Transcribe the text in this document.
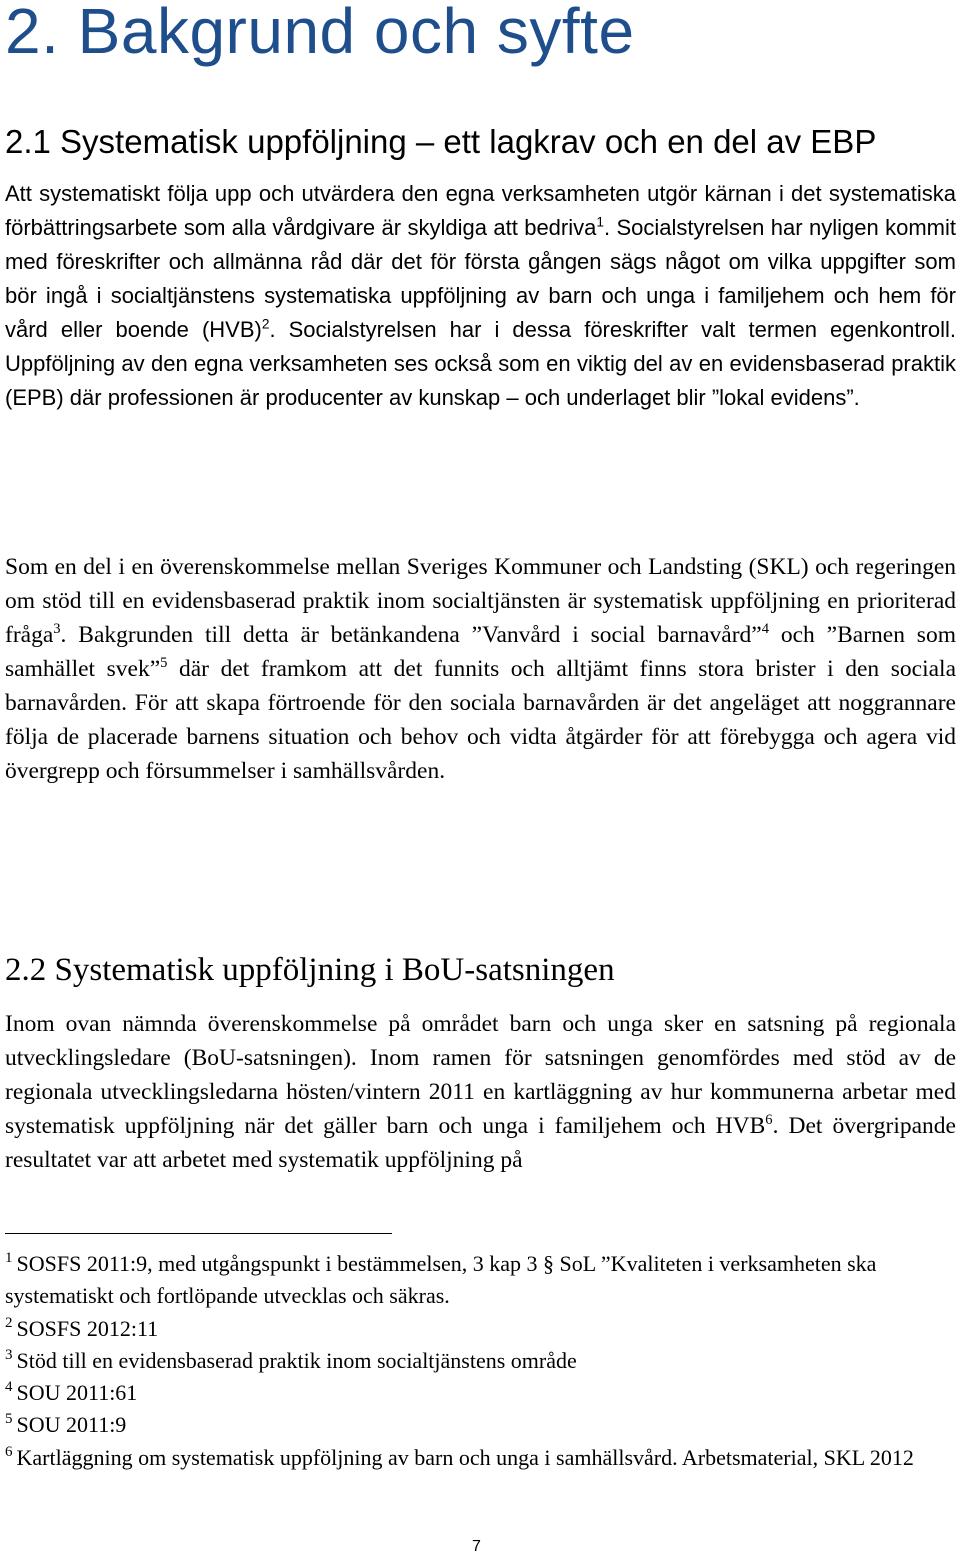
2. Bakgrund och syfte
2.1 Systematisk uppföljning – ett lagkrav och en del av EBP

Att systematiskt följa upp och utvärdera den egna verksamheten utgör kärnan i det systematiska förbättringsarbete som alla vårdgivare är skyldiga att bedriva$^1$. Socialstyrelsen har nyligen kommit med föreskrifter och allmänna råd där det för första gången sägs något om vilka uppgifter som bör ingå i socialtjänstens systematiska uppföljning av barn och unga i familjehem och hem för vård eller boende (HVB)$^2$. Socialstyrelsen har i dessa föreskrifter valt termen egenkontroll. Uppföljning av den egna verksamheten ses också som en viktig del av en evidensbaserad praktik (EPB) där professionen är producenter av kunskap – och underlaget blir ”lokal evidens”.

Som en del i en överenskommelse mellan Sveriges Kommuner och Landsting (SKL) och regeringen om stöd till en evidensbaserad praktik inom socialtjänsten är systematisk uppföljning en prioriterad fråga$^3$. Bakgrunden till detta är betänkandena ”Vanvård i social barnavård”$^4$ och ”Barnen som samhället svek”$^5$ där det framkom att det funnits och alltjämt finns stora brister i den sociala barnavården. För att skapa förtroende för den sociala barnavården är det angeläget att noggrannare följa de placerade barnens situation och behov och vidta åtgärder för att förebygga och agera vid övergrepp och försummelser i samhällsvården.

2.2 Systematisk uppföljning i BoU-satsningen

Inom ovan nämnda överenskommelse på området barn och unga sker en satsning på regionala utvecklingsledare (BoU-satsningen). Inom ramen för satsningen genomfördes med stöd av de regionala utvecklingsledarna hösten/vintern 2011 en kartläggning av hur kommunerna arbetar med systematisk uppföljning när det gäller barn och unga i familjehem och HVB$^6$. Det övergripande resultatet var att arbetet med systematik uppföljning på

$^1$ SOSFS 2011:9, med utgångspunkt i bestämmelsen, 3 kap 3 § SoL ”Kvaliteten i verksamheten ska systematiskt och fortlöpande utvecklas och säkras.
$^2$ SOSFS 2012:11
$^3$ Stöd till en evidensbaserad praktik inom socialtjänstens område
$^4$ SOU 2011:61
$^5$ SOU 2011:9
$^6$ Kartläggning om systematisk uppföljning av barn och unga i samhällsvård. Arbetsmaterial, SKL 2012
7
